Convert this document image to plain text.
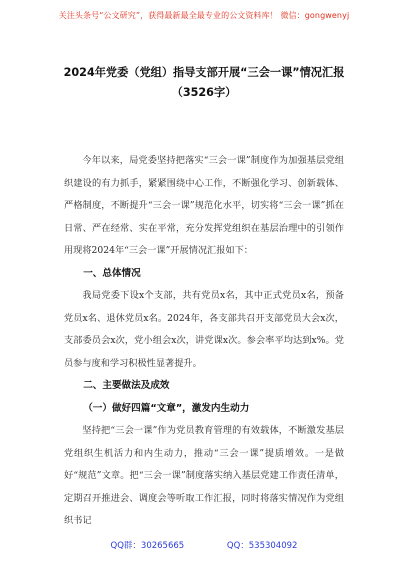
关注头条号“公文研究”，获得最新最全最专业的公文资料库！ 微信：gongwenyj
2024年党委（党组）指导支部开展“三会一课”情况汇报
（3526字）

今年以来，局党委坚持把落实“三会一课”制度作为加强基层党组织建设的有力抓手，紧紧围绕中心工作，不断强化学习、创新载体、严格制度，不断提升“三会一课”规范化水平，切实将“三会一课”抓在日常、严在经常、实在平常，充分发挥党组织在基层治理中的引领作用现将2024年“三会一课”开展情况汇报如下：

一、总体情况

我局党委下设x个支部，共有党员x名，其中正式党员x名，预备党员x名、退休党员x名。2024年，各支部共召开支部党员大会x次，支部委员会x次，党小组会x次，讲党课x次。参会率平均达到x%。党员参与度和学习积极性显著提升。

二、主要做法及成效
（一）做好四篇“文章”，激发内生动力

坚持把“三会一课”作为党员教育管理的有效载体，不断激发基层党组织生机活力和内生动力，推动“三会一课”提质增效。一是做好“规范”文章。把“三会一课”制度落实纳入基层党建工作责任清单，定期召开推进会、调度会等听取工作汇报，同时将落实情况作为党组织书记

QQ群：30265665	QQ：535304092
